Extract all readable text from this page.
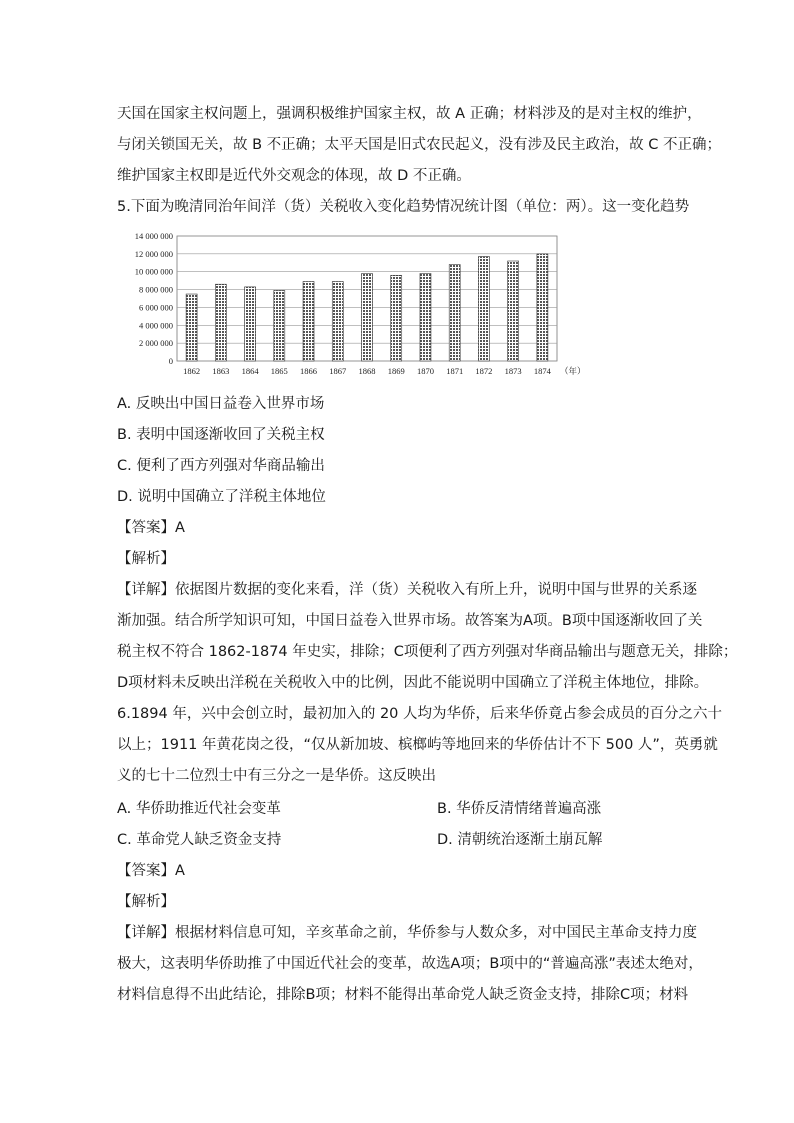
天国在国家主权问题上，强调积极维护国家主权，故 A 正确；材料涉及的是对主权的维护，
与闭关锁国无关，故 B 不正确；太平天国是旧式农民起义，没有涉及民主政治，故 C 不正确；
维护国家主权即是近代外交观念的体现，故 D 不正确。
5.下面为晚清同治年间洋（货）关税收入变化趋势情况统计图（单位：两）。这一变化趋势
0
2 000 000
4 000 000
6 000 000
8 000 000
10 000 000
12 000 000
14 000 000
1862 1863 1864 1865 1866 1867 1868 1869 1870 1871 1872 1873 1874 （年）
A. 反映出中国日益卷入世界市场
B. 表明中国逐渐收回了关税主权
C. 便利了西方列强对华商品输出
D. 说明中国确立了洋税主体地位
【答案】A
【解析】
【详解】依据图片数据的变化来看，洋（货）关税收入有所上升，说明中国与世界的关系逐
渐加强。结合所学知识可知，中国日益卷入世界市场。故答案为A项。B项中国逐渐收回了关
税主权不符合 1862-1874 年史实，排除；C项便利了西方列强对华商品输出与题意无关，排除；
D项材料未反映出洋税在关税收入中的比例，因此不能说明中国确立了洋税主体地位，排除。
6.1894 年，兴中会创立时，最初加入的 20 人均为华侨，后来华侨竟占参会成员的百分之六十
以上；1911 年黄花岗之役，“仅从新加坡、槟榔屿等地回来的华侨估计不下 500 人”，英勇就
义的七十二位烈士中有三分之一是华侨。这反映出
A. 华侨助推近代社会变革	B. 华侨反清情绪普遍高涨
C. 革命党人缺乏资金支持	D. 清朝统治逐渐土崩瓦解
【答案】A
【解析】
【详解】根据材料信息可知，辛亥革命之前，华侨参与人数众多，对中国民主革命支持力度
极大，这表明华侨助推了中国近代社会的变革，故选A项；B项中的“普遍高涨”表述太绝对，
材料信息得不出此结论，排除B项；材料不能得出革命党人缺乏资金支持，排除C项；材料
